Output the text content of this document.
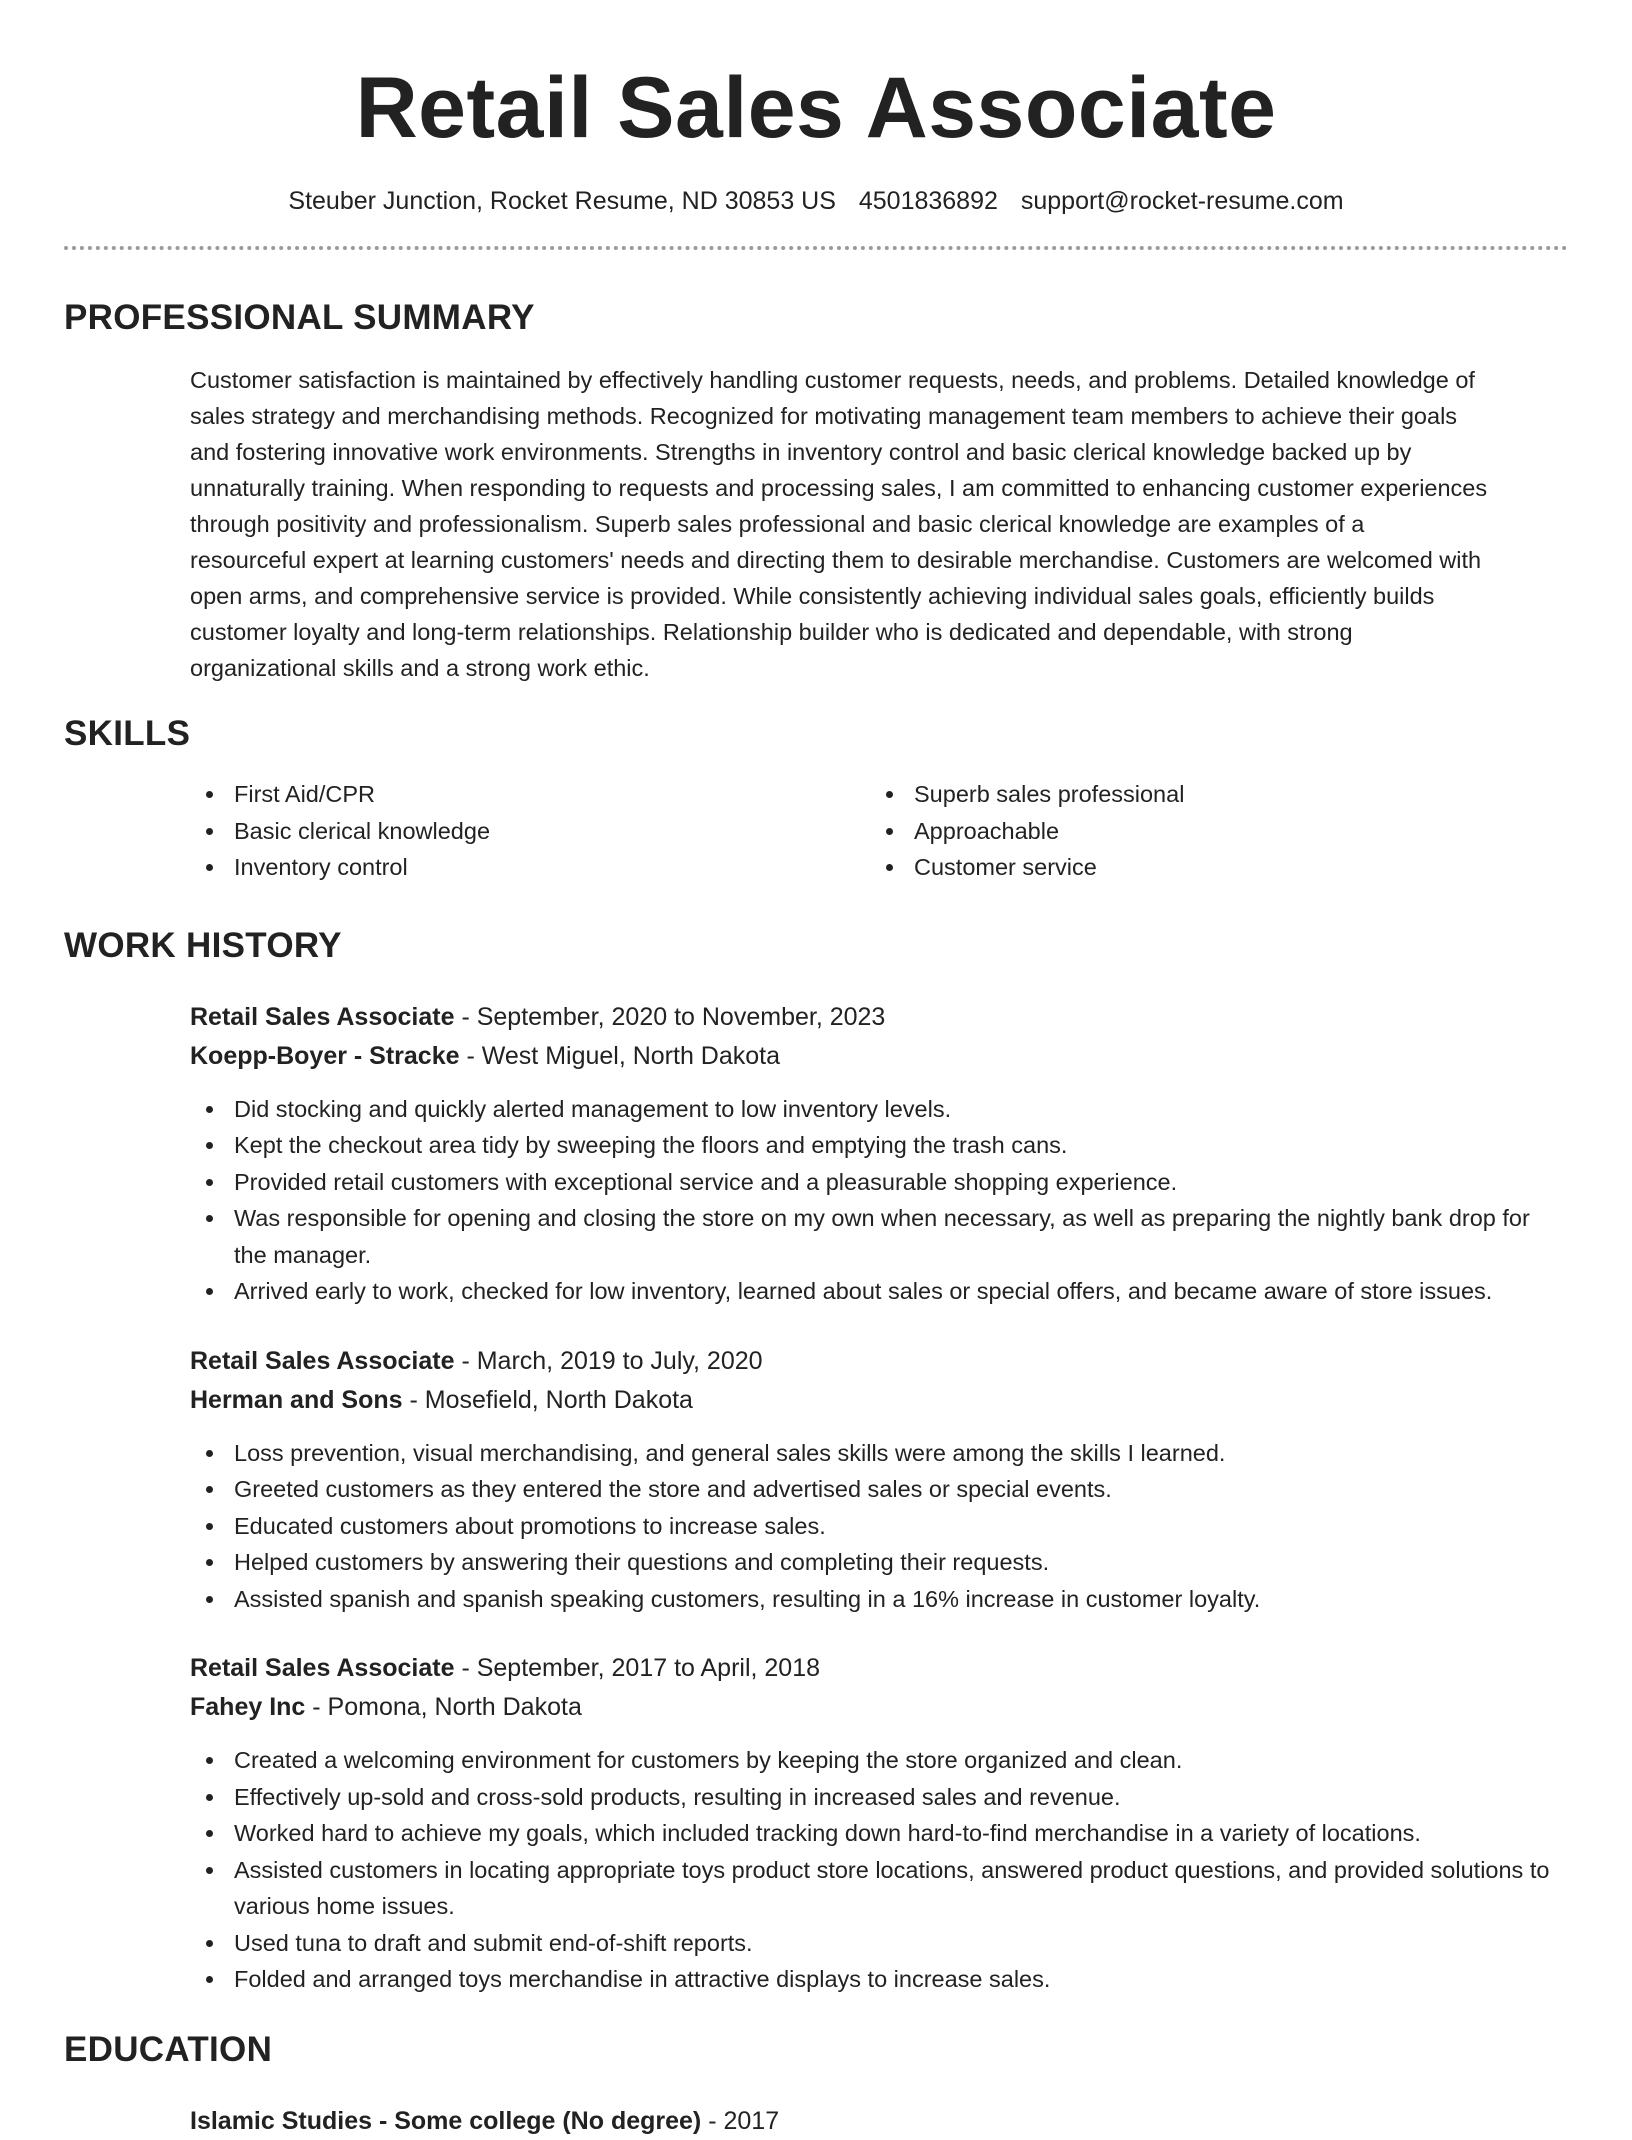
Retail Sales Associate
Steuber Junction, Rocket Resume, ND 30853 US 4501836892 support@rocket-resume.com
PROFESSIONAL SUMMARY
Customer satisfaction is maintained by effectively handling customer requests, needs, and problems. Detailed knowledge of
sales strategy and merchandising methods. Recognized for motivating management team members to achieve their goals
and fostering innovative work environments. Strengths in inventory control and basic clerical knowledge backed up by
unnaturally training. When responding to requests and processing sales, I am committed to enhancing customer experiences
through positivity and professionalism. Superb sales professional and basic clerical knowledge are examples of a
resourceful expert at learning customers' needs and directing them to desirable merchandise. Customers are welcomed with
open arms, and comprehensive service is provided. While consistently achieving individual sales goals, efficiently builds
customer loyalty and long-term relationships. Relationship builder who is dedicated and dependable, with strong
organizational skills and a strong work ethic.
SKILLS
First Aid/CPR
Basic clerical knowledge
Inventory control
Superb sales professional
Approachable
Customer service
WORK HISTORY
Retail Sales Associate - September, 2020 to November, 2023
Koepp-Boyer - Stracke - West Miguel, North Dakota
Did stocking and quickly alerted management to low inventory levels.
Kept the checkout area tidy by sweeping the floors and emptying the trash cans.
Provided retail customers with exceptional service and a pleasurable shopping experience.
Was responsible for opening and closing the store on my own when necessary, as well as preparing the nightly bank drop for the manager.
Arrived early to work, checked for low inventory, learned about sales or special offers, and became aware of store issues.
Retail Sales Associate - March, 2019 to July, 2020
Herman and Sons - Mosefield, North Dakota
Loss prevention, visual merchandising, and general sales skills were among the skills I learned.
Greeted customers as they entered the store and advertised sales or special events.
Educated customers about promotions to increase sales.
Helped customers by answering their questions and completing their requests.
Assisted spanish and spanish speaking customers, resulting in a 16% increase in customer loyalty.
Retail Sales Associate - September, 2017 to April, 2018
Fahey Inc - Pomona, North Dakota
Created a welcoming environment for customers by keeping the store organized and clean.
Effectively up-sold and cross-sold products, resulting in increased sales and revenue.
Worked hard to achieve my goals, which included tracking down hard-to-find merchandise in a variety of locations.
Assisted customers in locating appropriate toys product store locations, answered product questions, and provided solutions to various home issues.
Used tuna to draft and submit end-of-shift reports.
Folded and arranged toys merchandise in attractive displays to increase sales.
EDUCATION
Islamic Studies - Some college (No degree) - 2017
